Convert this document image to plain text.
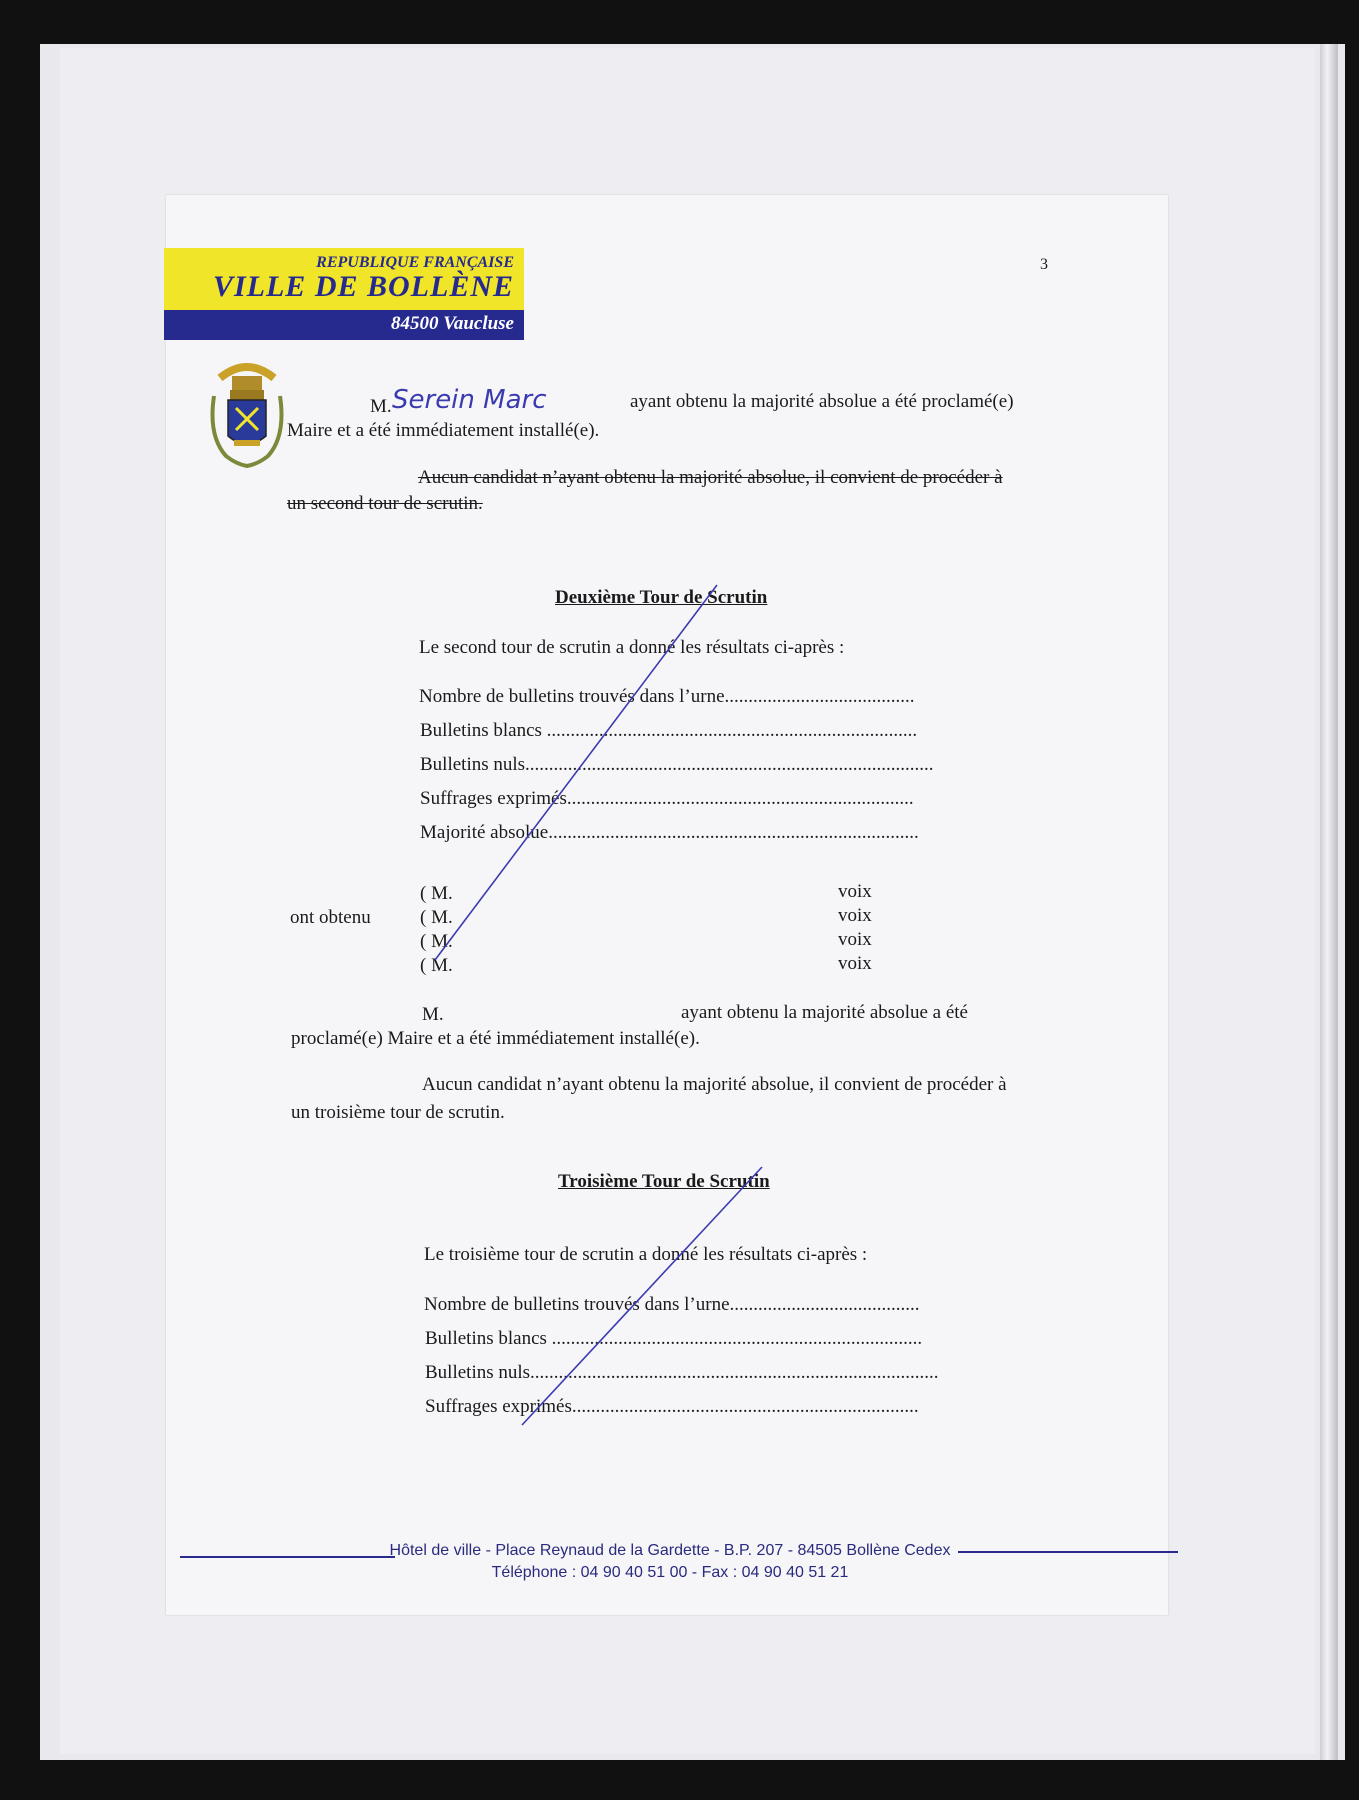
REPUBLIQUE FRANÇAISE
VILLE DE BOLLÈNE
84500 Vaucluse
3
M. Serein Marc	ayant obtenu la majorité absolue a été proclamé(e)
Maire et a été immédiatement installé(e).
Aucun candidat n’ayant obtenu la majorité absolue, il convient de procéder à
un second tour de scrutin.
Deuxième Tour de Scrutin
Le second tour de scrutin a donné les résultats ci-après :
Nombre de bulletins trouvés dans l’urne........................................
Bulletins blancs ..............................................................................
Bulletins nuls......................................................................................
Suffrages exprimés.........................................................................
Majorité absolue..............................................................................
ont obtenu
( M.
( M.
( M.
( M.
voix
voix
voix
voix
M.	ayant obtenu la majorité absolue a été
proclamé(e) Maire et a été immédiatement installé(e).
Aucun candidat n’ayant obtenu la majorité absolue, il convient de procéder à
un troisième tour de scrutin.
Troisième Tour de Scrutin
Le troisième tour de scrutin a donné les résultats ci-après :
Nombre de bulletins trouvés dans l’urne........................................
Bulletins blancs ..............................................................................
Bulletins nuls......................................................................................
Suffrages exprimés.........................................................................
Hôtel de ville - Place Reynaud de la Gardette - B.P. 207 - 84505 Bollène Cedex
Téléphone : 04 90 40 51 00 - Fax : 04 90 40 51 21
